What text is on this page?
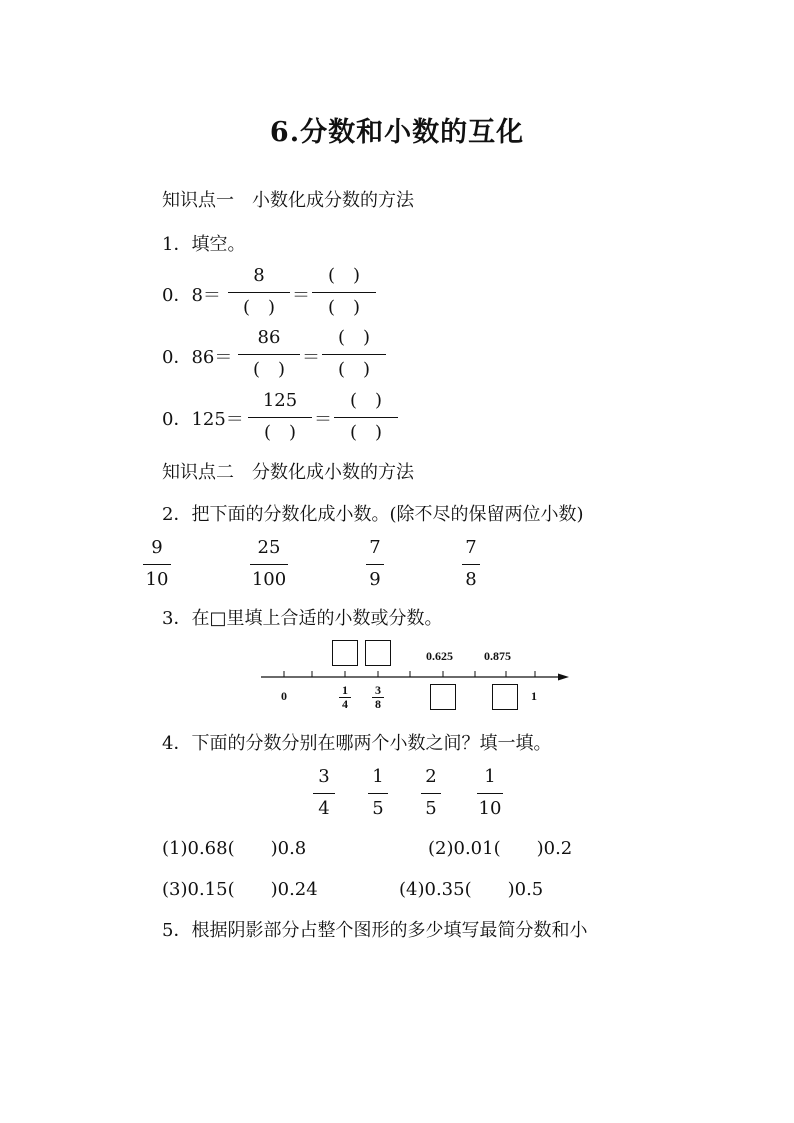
6.分数和小数的互化
知识点一　小数化成分数的方法
1．填空。
0．8＝
8
(　)
＝
(　)
(　)
0．86＝
86
(　)
＝
(　)
(　)
0．125＝
125
(　)
＝
(　)
(　)
知识点二　分数化成小数的方法
2．把下面的分数化成小数。(除不尽的保留两位小数)
9
10
25
100
7
9
7
8
3．在□里填上合适的小数或分数。
0.625	0.875
0	1
4
3
8
1
4．下面的分数分别在哪两个小数之间？填一填。
3
4
1
5
2
5
1
10
(1)0.68(　　)0.8	(2)0.01(　　)0.2
(3)0.15(　　)0.24	(4)0.35(　　)0.5
5．根据阴影部分占整个图形的多少填写最简分数和小
